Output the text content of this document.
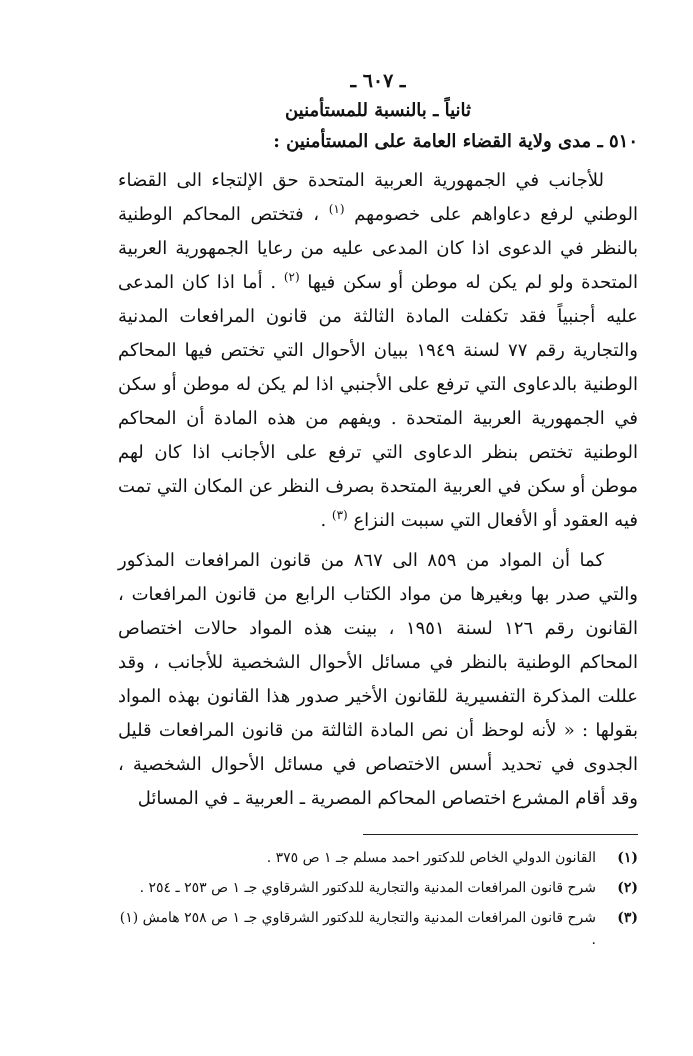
ـ ٦٠٧ ـ
ثانياً ـ بالنسبة للمستأمنين
٥١٠ ـ مدى ولاية القضاء العامة على المستأمنين :

للأجانب في الجمهورية العربية المتحدة حق الإلتجاء الى القضاء الوطني لرفع دعاواهم على خصومهم $^{(١)}$ ، فتختص المحاكم الوطنية بالنظر في الدعوى اذا كان المدعى عليه من رعايا الجمهورية العربية المتحدة ولو لم يكن له موطن أو سكن فيها $^{(٢)}$ . أما اذا كان المدعى عليه أجنبياً فقد تكفلت المادة الثالثة من قانون المرافعات المدنية والتجارية رقم ٧٧ لسنة ١٩٤٩ ببيان الأحوال التي تختص فيها المحاكم الوطنية بالدعاوى التي ترفع على الأجنبي اذا لم يكن له موطن أو سكن في الجمهورية العربية المتحدة . ويفهم من هذه المادة أن المحاكم الوطنية تختص بنظر الدعاوى التي ترفع على الأجانب اذا كان لهم موطن أو سكن في العربية المتحدة بصرف النظر عن المكان التي تمت فيه العقود أو الأفعال التي سببت النزاع $^{(٣)}$ .

كما أن المواد من ٨٥٩ الى ٨٦٧ من قانون المرافعات المذكور والتي صدر بها وبغيرها من مواد الكتاب الرابع من قانون المرافعات ، القانون رقم ١٢٦ لسنة ١٩٥١ ، بينت هذه المواد حالات اختصاص المحاكم الوطنية بالنظر في مسائل الأحوال الشخصية للأجانب ، وقد عللت المذكرة التفسيرية للقانون الأخير صدور هذا القانون بهذه المواد بقولها : « لأنه لوحظ أن نص المادة الثالثة من قانون المرافعات قليل الجدوى في تحديد أسس الاختصاص في مسائل الأحوال الشخصية ، وقد أقام المشرع اختصاص المحاكم المصرية ـ العربية ـ في المسائل

(١)
القانون الدولي الخاص للدكتور احمد مسلم جـ ١ ص ٣٧٥ .
(٢)
شرح قانون المرافعات المدنية والتجارية للدكتور الشرقاوي جـ ١ ص ٢٥٣ ـ ٢٥٤ .
(٣)
شرح قانون المرافعات المدنية والتجارية للدكتور الشرقاوي جـ ١ ص ٢٥٨ هامش (١) .
